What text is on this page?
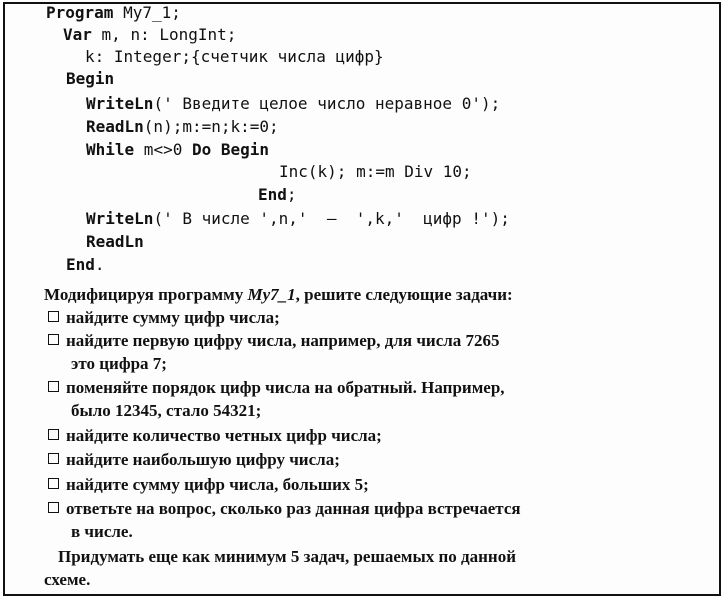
Program My7_1;

Var m, n: LongInt;

k: Integer;{счетчик числа цифр}

Begin

WriteLn(' Введите целое число неравное 0');

ReadLn(n);m:=n;k:=0;

While m<>0 Do Begin

Inc(k); m:=m Div 10;

End;

WriteLn(' В числе ',n,'  —  ',k,'  цифр !');

ReadLn

End.

Модифицируя программу My7_1, решите следующие задачи:
найдите сумму цифр числа;
найдите первую цифру числа, например, для числа 7265
это цифра 7;
поменяйте порядок цифр числа на обратный. Например,
было 12345, стало 54321;
найдите количество четных цифр числа;
найдите наибольшую цифру числа;
найдите сумму цифр числа, больших 5;
ответьте на вопрос, сколько раз данная цифра встречается
в числе.
Придумать еще как минимум 5 задач, решаемых по данной
схеме.
